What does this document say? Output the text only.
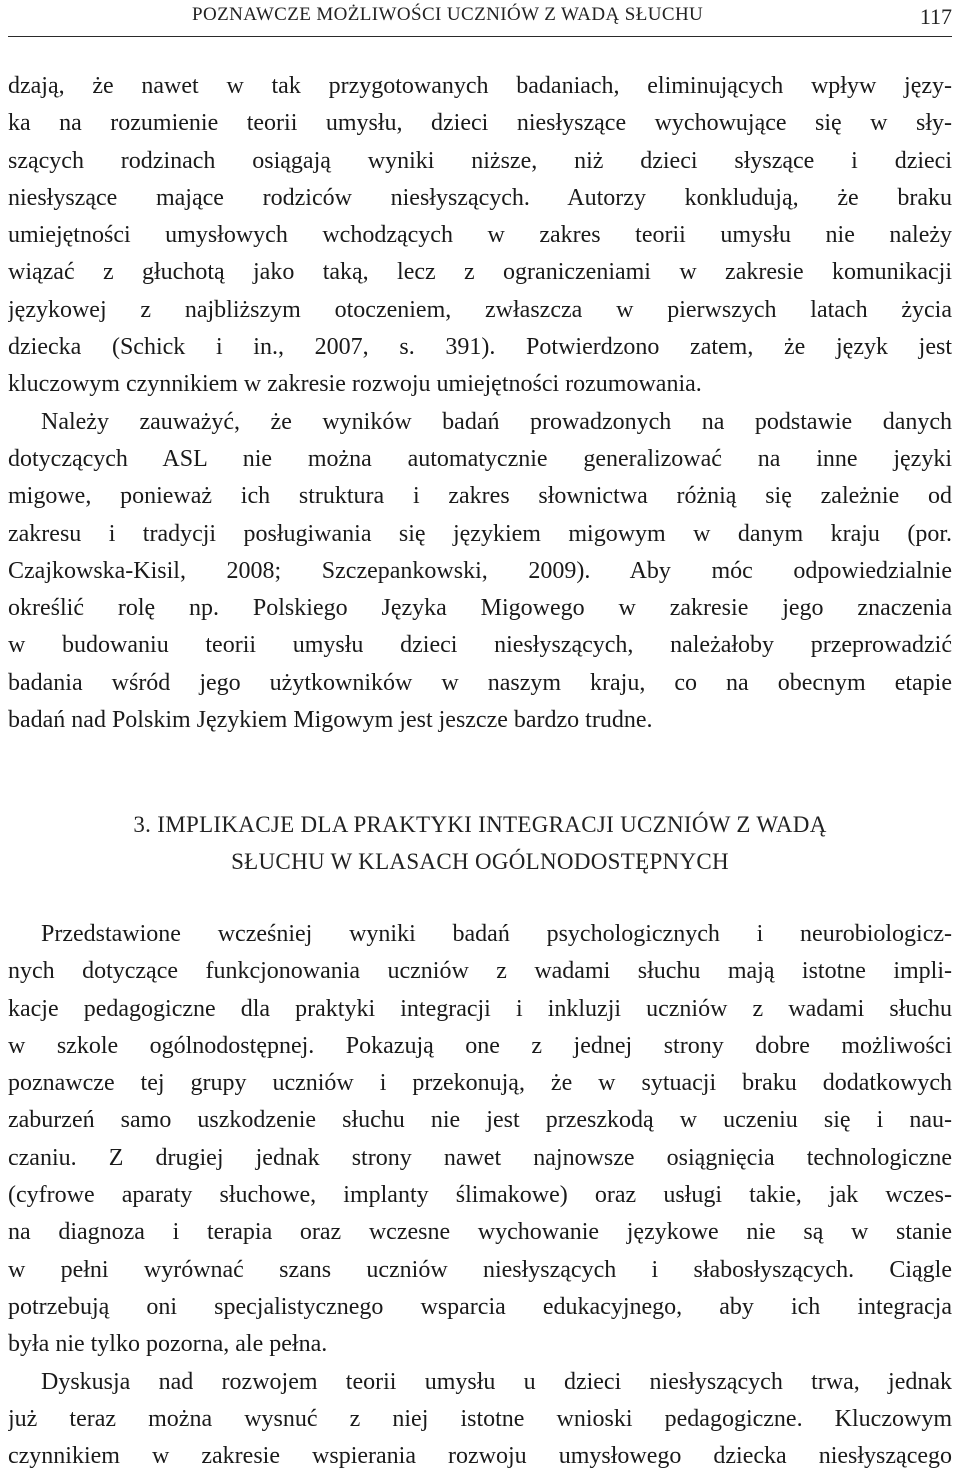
POZNAWCZE MOŻLIWOŚCI UCZNIÓW Z WADĄ SŁUCHU	117
dzają, że nawet w tak przygotowanych badaniach, eliminujących wpływ języ-
ka na rozumienie teorii umysłu, dzieci niesłyszące wychowujące się w sły-
szących rodzinach osiągają wyniki niższe, niż dzieci słyszące i dzieci
niesłyszące mające rodziców niesłyszących. Autorzy konkludują, że braku
umiejętności umysłowych wchodzących w zakres teorii umysłu nie należy
wiązać z głuchotą jako taką, lecz z ograniczeniami w zakresie komunikacji
językowej z najbliższym otoczeniem, zwłaszcza w pierwszych latach życia
dziecka (Schick i in., 2007, s. 391). Potwierdzono zatem, że język jest
kluczowym czynnikiem w zakresie rozwoju umiejętności rozumowania.
Należy zauważyć, że wyników badań prowadzonych na podstawie danych
dotyczących ASL nie można automatycznie generalizować na inne języki
migowe, ponieważ ich struktura i zakres słownictwa różnią się zależnie od
zakresu i tradycji posługiwania się językiem migowym w danym kraju (por.
Czajkowska-Kisil, 2008; Szczepankowski, 2009). Aby móc odpowiedzialnie
określić rolę np. Polskiego Języka Migowego w zakresie jego znaczenia
w budowaniu teorii umysłu dzieci niesłyszących, należałoby przeprowadzić
badania wśród jego użytkowników w naszym kraju, co na obecnym etapie
badań nad Polskim Językiem Migowym jest jeszcze bardzo trudne.
3. IMPLIKACJE DLA PRAKTYKI INTEGRACJI UCZNIÓW Z WADĄ
SŁUCHU W KLASACH OGÓLNODOSTĘPNYCH
Przedstawione wcześniej wyniki badań psychologicznych i neurobiologicz-
nych dotyczące funkcjonowania uczniów z wadami słuchu mają istotne impli-
kacje pedagogiczne dla praktyki integracji i inkluzji uczniów z wadami słuchu
w szkole ogólnodostępnej. Pokazują one z jednej strony dobre możliwości
poznawcze tej grupy uczniów i przekonują, że w sytuacji braku dodatkowych
zaburzeń samo uszkodzenie słuchu nie jest przeszkodą w uczeniu się i nau-
czaniu. Z drugiej jednak strony nawet najnowsze osiągnięcia technologiczne
(cyfrowe aparaty słuchowe, implanty ślimakowe) oraz usługi takie, jak wczes-
na diagnoza i terapia oraz wczesne wychowanie językowe nie są w stanie
w pełni wyrównać szans uczniów niesłyszących i słabosłyszących. Ciągle
potrzebują oni specjalistycznego wsparcia edukacyjnego, aby ich integracja
była nie tylko pozorna, ale pełna.
Dyskusja nad rozwojem teorii umysłu u dzieci niesłyszących trwa, jednak
już teraz można wysnuć z niej istotne wnioski pedagogiczne. Kluczowym
czynnikiem w zakresie wspierania rozwoju umysłowego dziecka niesłyszącego
